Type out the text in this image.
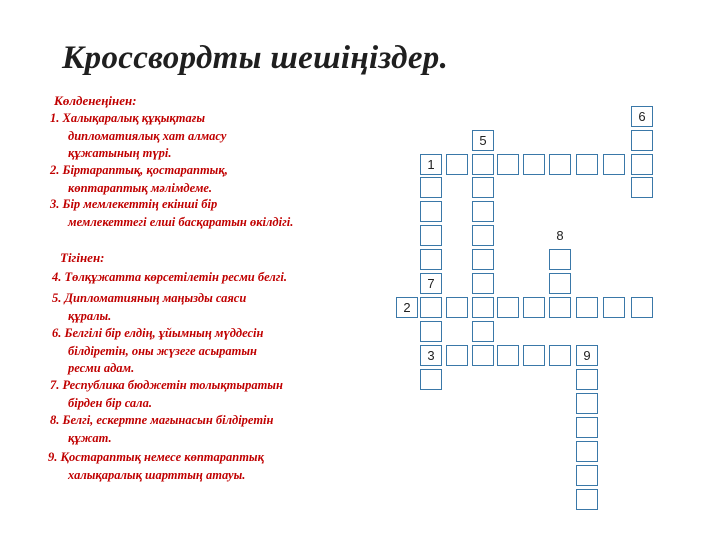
Кроссвордты шешіңіздер.
Көлденеңінен:
1. Халықаралық құқықтағы
дипломатиялық хат алмасу
құжатының түрі.
2. Біртараптық, қостараптық,
көптараптық мәлімдеме.
3. Бір мемлекеттің екінші бір
мемлекеттегі елші басқаратын өкілдігі.
Тігінен:
4. Төлқұжатта көрсетілетін ресми белгі.
5. Дипломатияның маңызды саяси
құралы.
6. Белгілі бір елдің, ұйымның мүддесін
білдіретін, оны жүзеге асыратын
ресми адам.
7. Республика бюджетін толықтыратын
бірден бір сала.
8. Белгі, ескертпе мағынасын білдіретін
құжат.
9. Қостараптық немесе көптараптық
халықаралық шарттың атауы.
1
5
6
8
7
2
3	9
